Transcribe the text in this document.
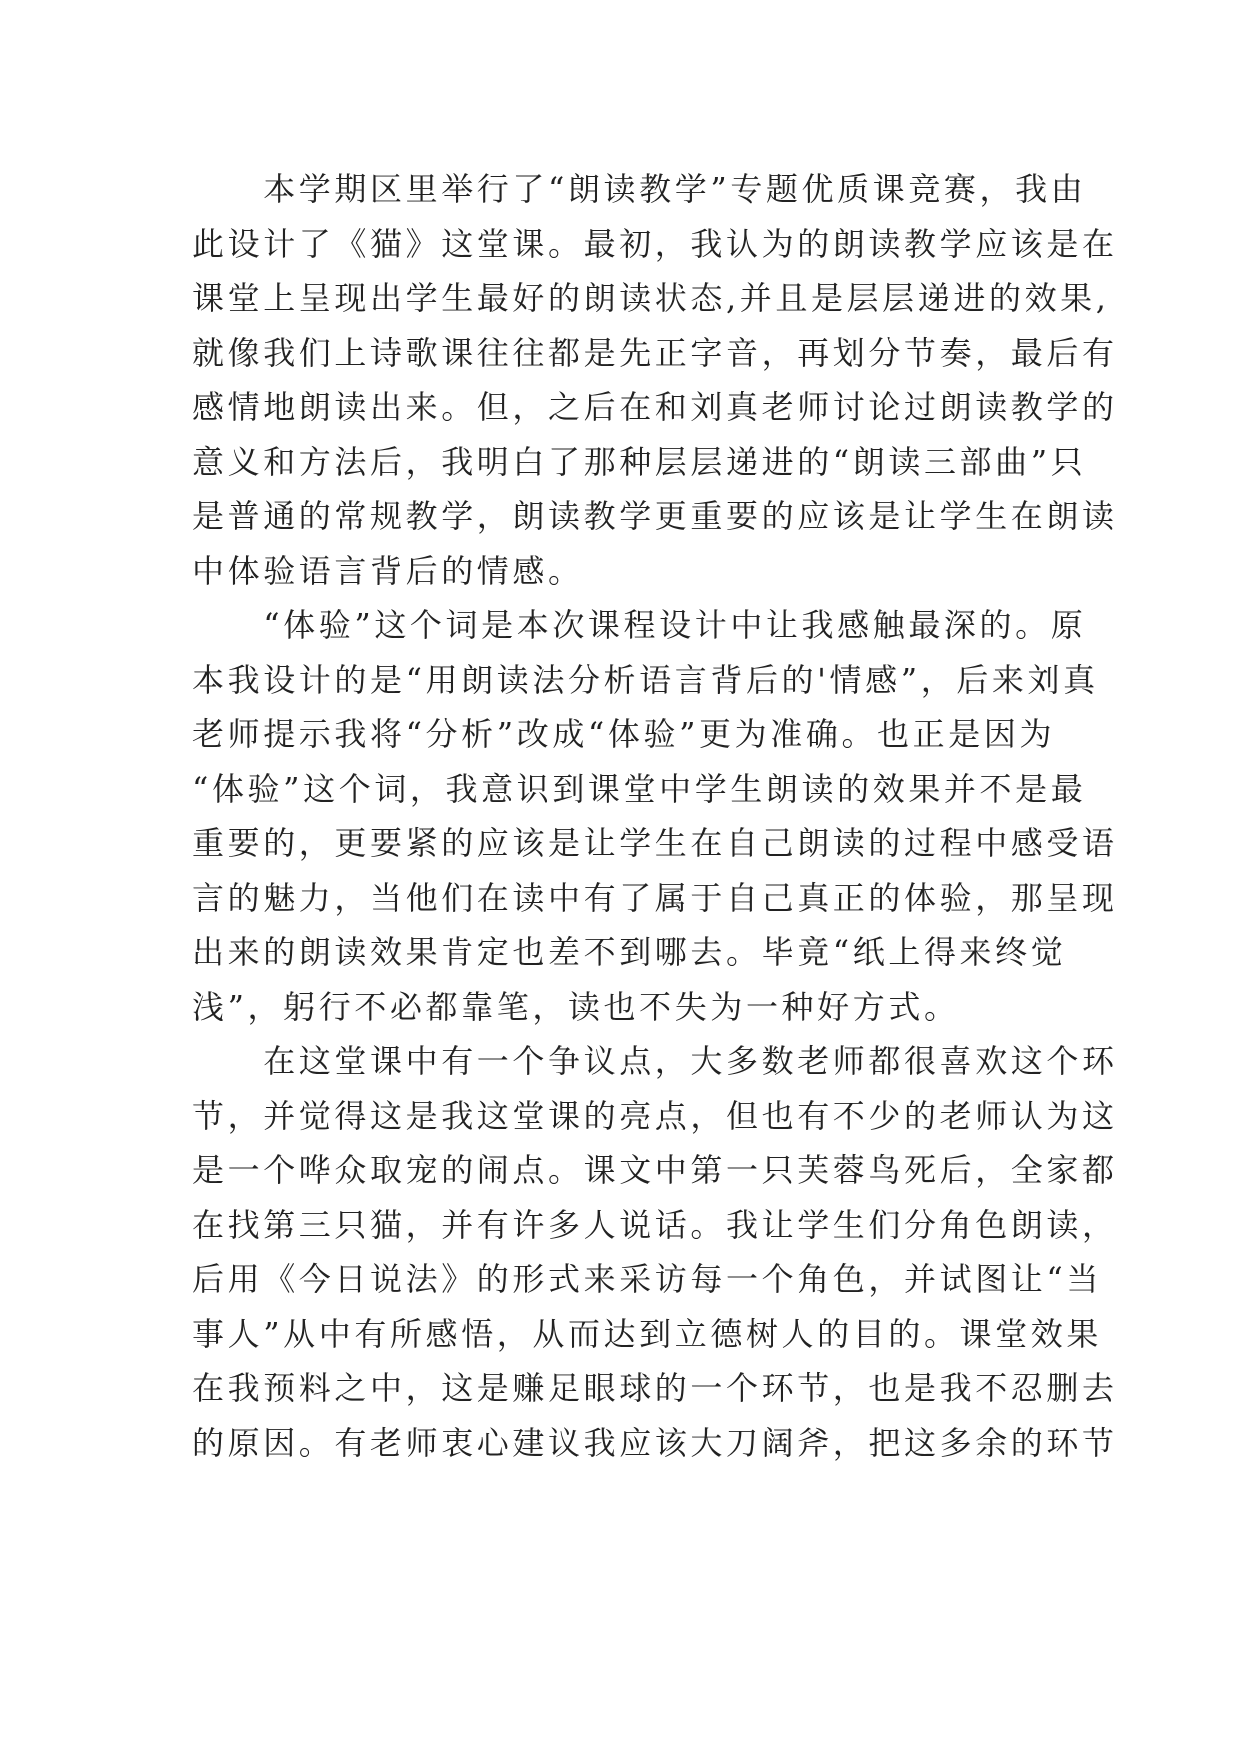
　　本学期区里举行了“朗读教学”专题优质课竞赛，我由
此设计了《猫》这堂课。最初，我认为的朗读教学应该是在
课堂上呈现出学生最好的朗读状态,并且是层层递进的效果,
就像我们上诗歌课往往都是先正字音，再划分节奏，最后有
感情地朗读出来。但，之后在和刘真老师讨论过朗读教学的
意义和方法后，我明白了那种层层递进的“朗读三部曲”只
是普通的常规教学，朗读教学更重要的应该是让学生在朗读
中体验语言背后的情感。
　　“体验”这个词是本次课程设计中让我感触最深的。原
本我设计的是“用朗读法分析语言背后的'情感”，后来刘真
老师提示我将“分析”改成“体验”更为准确。也正是因为
“体验”这个词，我意识到课堂中学生朗读的效果并不是最
重要的，更要紧的应该是让学生在自己朗读的过程中感受语
言的魅力，当他们在读中有了属于自己真正的体验，那呈现
出来的朗读效果肯定也差不到哪去。毕竟“纸上得来终觉
浅”，躬行不必都靠笔，读也不失为一种好方式。
　　在这堂课中有一个争议点，大多数老师都很喜欢这个环
节，并觉得这是我这堂课的亮点，但也有不少的老师认为这
是一个哗众取宠的闹点。课文中第一只芙蓉鸟死后，全家都
在找第三只猫，并有许多人说话。我让学生们分角色朗读，
后用《今日说法》的形式来采访每一个角色，并试图让“当
事人”从中有所感悟，从而达到立德树人的目的。课堂效果
在我预料之中，这是赚足眼球的一个环节，也是我不忍删去
的原因。有老师衷心建议我应该大刀阔斧，把这多余的环节
